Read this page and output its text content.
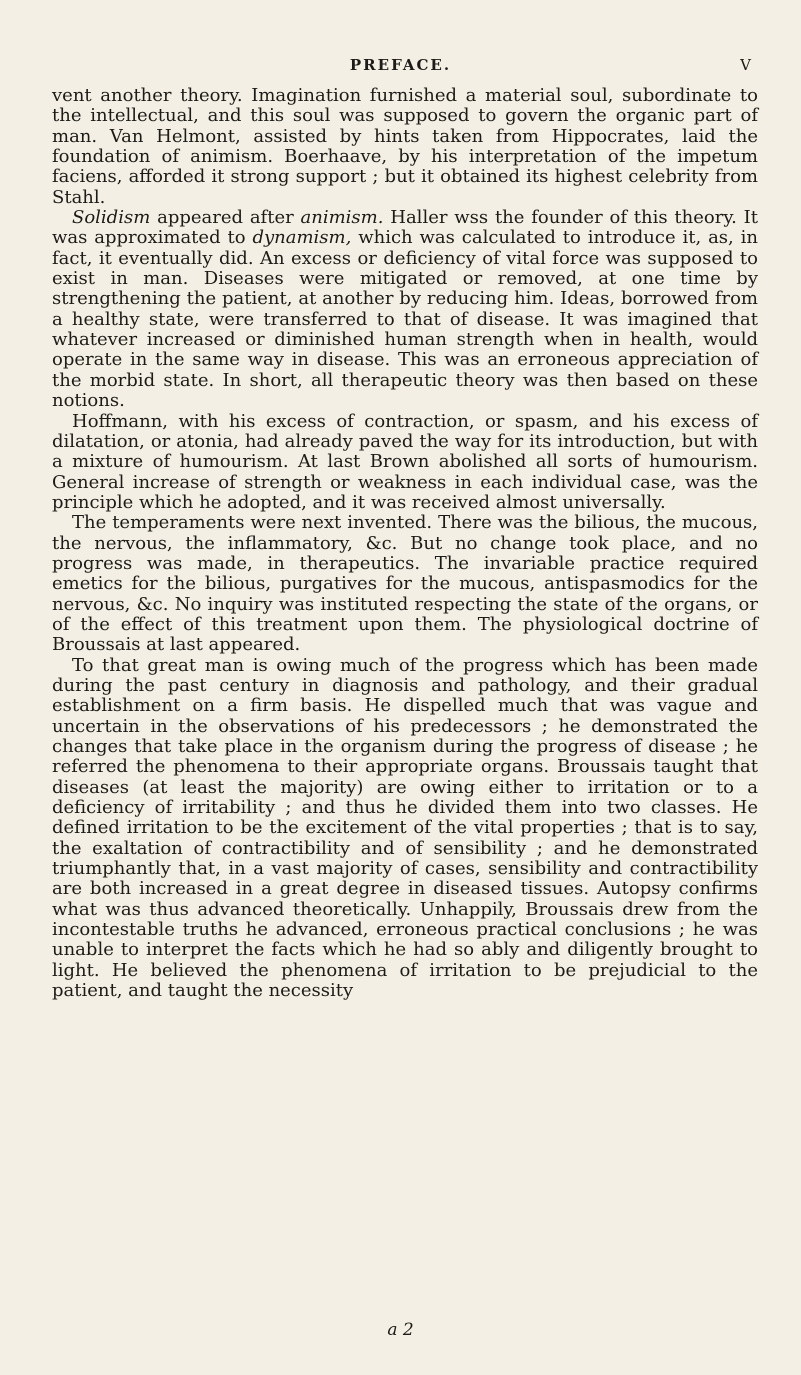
PREFACE.	V

vent another theory. Imagination furnished a material soul, subordinate to the intellectual, and this soul was supposed to govern the organic part of man. Van Helmont, assisted by hints taken from Hippocrates, laid the foundation of animism. Boerhaave, by his interpretation of the impetum faciens, afforded it strong support ; but it obtained its highest celebrity from Stahl.

Solidism appeared after animism. Haller wss the founder of this theory. It was approximated to dynamism, which was calculated to introduce it, as, in fact, it eventually did. An excess or deficiency of vital force was supposed to exist in man. Diseases were mitigated or removed, at one time by strengthening the patient, at another by reducing him. Ideas, borrowed from a healthy state, were transferred to that of disease. It was imagined that whatever increased or diminished human strength when in health, would operate in the same way in disease. This was an erroneous appreciation of the morbid state. In short, all therapeutic theory was then based on these notions.

Hoffmann, with his excess of contraction, or spasm, and his excess of dilatation, or atonia, had already paved the way for its introduction, but with a mixture of humourism. At last Brown abolished all sorts of humourism. General increase of strength or weakness in each individual case, was the principle which he adopted, and it was received almost universally.

The temperaments were next invented. There was the bilious, the mucous, the nervous, the inflammatory, &c. But no change took place, and no progress was made, in therapeutics. The invariable practice required emetics for the bilious, purgatives for the mucous, antispasmodics for the nervous, &c. No inquiry was instituted respecting the state of the organs, or of the effect of this treatment upon them. The physiological doctrine of Broussais at last appeared.

To that great man is owing much of the progress which has been made during the past century in diagnosis and pathology, and their gradual establishment on a firm basis. He dispelled much that was vague and uncertain in the observations of his predecessors ; he demonstrated the changes that take place in the organism during the progress of disease ; he referred the phenomena to their appropriate organs. Broussais taught that diseases (at least the majority) are owing either to irritation or to a deficiency of irritability ; and thus he divided them into two classes. He defined irritation to be the excitement of the vital properties ; that is to say, the exaltation of contractibility and of sensibility ; and he demonstrated triumphantly that, in a vast majority of cases, sensibility and contractibility are both increased in a great degree in diseased tissues. Autopsy confirms what was thus advanced theoretically. Unhappily, Broussais drew from the incontestable truths he advanced, erroneous practical conclusions ; he was unable to interpret the facts which he had so ably and diligently brought to light. He believed the phenomena of irritation to be prejudicial to the patient, and taught the necessity

a 2
